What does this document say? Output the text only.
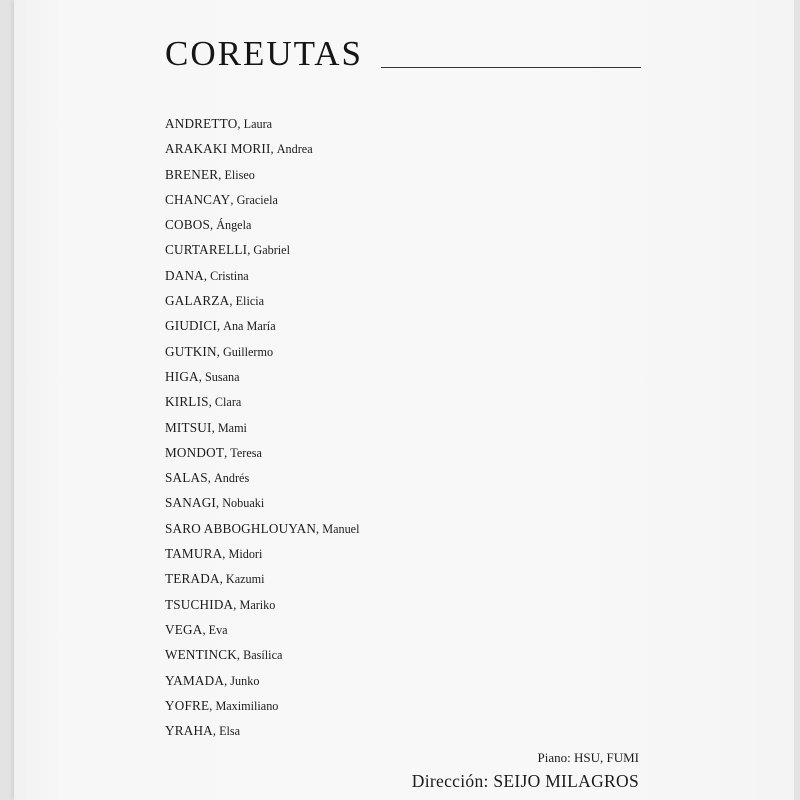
COREUTAS
ANDRETTO, Laura
ARAKAKI MORII, Andrea
BRENER, Eliseo
CHANCAY, Graciela
COBOS, Ángela
CURTARELLI, Gabriel
DANA, Cristina
GALARZA, Elicia
GIUDICI, Ana María
GUTKIN, Guillermo
HIGA, Susana
KIRLIS, Clara
MITSUI, Mami
MONDOT, Teresa
SALAS, Andrés
SANAGI, Nobuaki
SARO ABBOGHLOUYAN, Manuel
TAMURA, Midori
TERADA, Kazumi
TSUCHIDA, Mariko
VEGA, Eva
WENTINCK, Basílica
YAMADA, Junko
YOFRE, Maximiliano
YRAHA, Elsa
Piano: HSU, FUMI
Dirección: SEIJO MILAGROS
